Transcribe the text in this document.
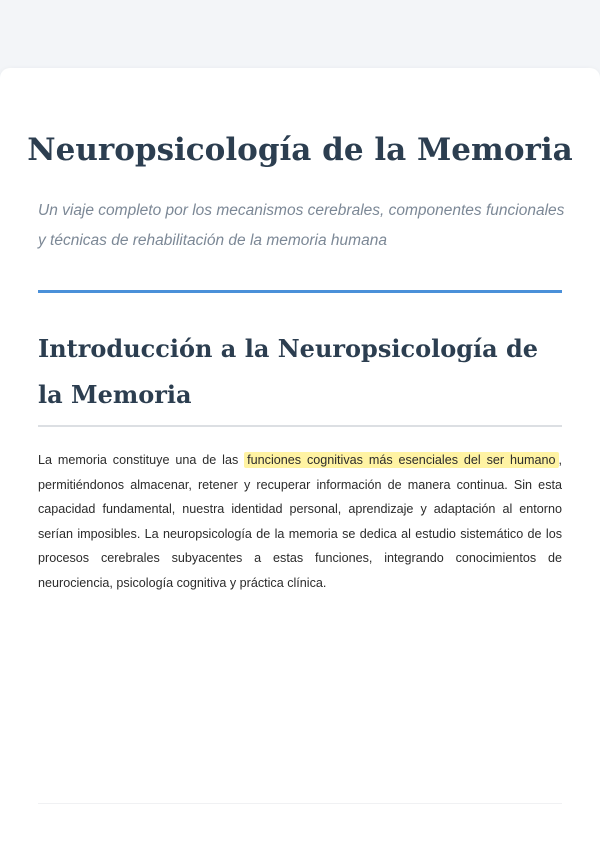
Neuropsicología de la Memoria

Un viaje completo por los mecanismos cerebrales, componentes funcionales y técnicas de rehabilitación de la memoria humana

Introducción a la Neuropsicología de la Memoria

La memoria constituye una de las funciones cognitivas más esenciales del ser humano , permitiéndonos almacenar, retener y recuperar información de manera continua. Sin esta capacidad fundamental, nuestra identidad personal, aprendizaje y adaptación al entorno serían imposibles. La neuropsicología de la memoria se dedica al estudio sistemático de los procesos cerebrales subyacentes a estas funciones, integrando conocimientos de neurociencia, psicología cognitiva y práctica clínica.
